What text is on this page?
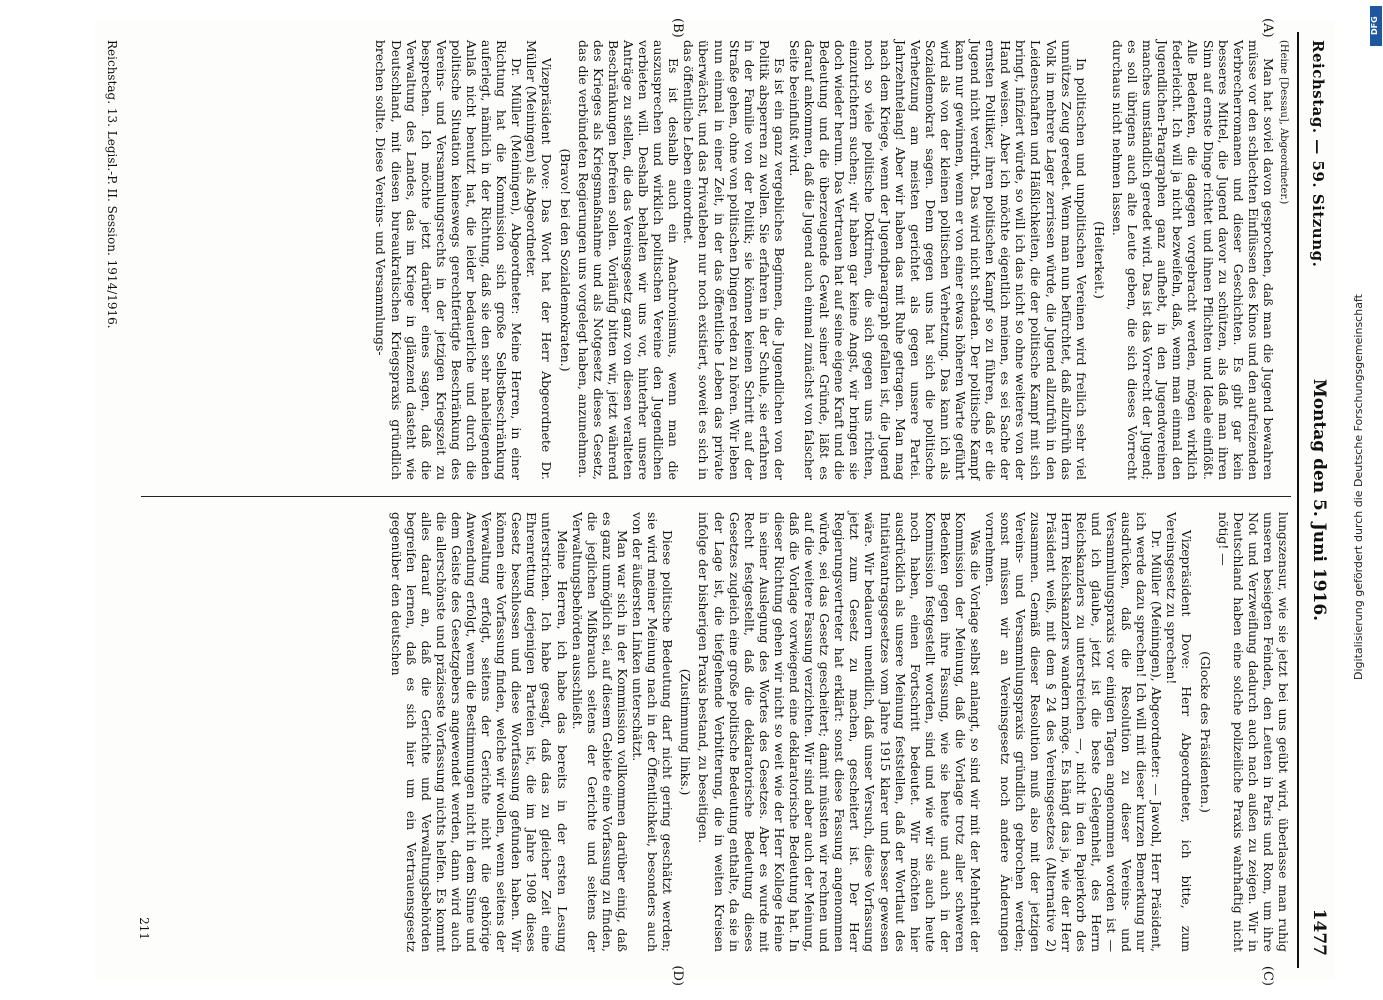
Reichstag. — 59. Sitzung.
Montag den 5. Juni 1916.
1477
(A)
(B)
(C)
(D)

(Heine [Dessau], Abgeordneter.)

Man hat soviel davon gesprochen, daß man die Jugend bewahren müsse vor den schlechten Einflüssen des Kinos und den aufreizenden Verbrecherromanen und dieser Geschichten. Es gibt gar kein besseres Mittel, die Jugend davor zu schützen, als daß man ihren Sinn auf ernste Dinge richtet und ihnen Pflichten und Ideale einflößt. Alle Bedenken, die dagegen vorgebracht werden, mögen wirklich federleicht. Ich will ja nicht bezweifeln, daß, wenn man einmal den Jugendlichen-Paragraphen ganz aufhebt, in den Jugendvereinen manches umständlich geredet wird. Das ist das Vorrecht der Jugend; es soll übrigens auch alte Leute geben, die sich dieses Vorrecht durchaus nicht nehmen lassen.

(Heiterkeit.)

In politischen und unpolitischen Vereinen wird freilich sehr viel unnützes Zeug geredet. Wenn man nun befürchtet, daß allzufrüh das Volk in mehrere Lager zerrissen würde, die Jugend allzufrüh in den Leidenschaften und Häßlichkeiten, die der politische Kampf mit sich bringt, infiziert würde, so will ich das nicht so ohne weiteres von der Hand weisen. Aber ich möchte eigentlich meinen, es sei Sache der ernsten Politiker, ihren politischen Kampf so zu führen, daß er die Jugend nicht verdirbt. Das wird nicht schaden. Der politische Kampf kann nur gewinnen, wenn er von einer etwas höheren Warte geführt wird als von der kleinen politischen Verhetzung. Das kann ich als Sozialdemokrat sagen. Denn gegen uns hat sich die politische Verhetzung am meisten gerichtet als gegen unsere Partei. Jahrzehntelang! Aber wir haben das mit Ruhe getragen. Man mag nach dem Kriege, wenn der Jugendparagraph gefallen ist, die Jugend noch so viele politische Doktrinen, die sich gegen uns richten, einzutrichtern suchen; wir haben gar keine Angst, wir bringen sie doch wieder herum. Das Vertrauen hat auf seine eigene Kraft und die Bedeutung und die überzeugende Gewalt seiner Gründe, läßt es darauf ankommen, daß die Jugend auch einmal zunächst von falscher Seite beeinflußt wird.

Es ist ein ganz vergebliches Beginnen, die Jugendlichen von der Politik absperren zu wollen. Sie erfahren in der Schule, sie erfahren in der Familie von der Politik; sie können keinen Schritt auf der Straße gehen, ohne von politischen Dingen reden zu hören. Wir leben nun einmal in einer Zeit, in der das öffentliche Leben das private überwächst, und das Privatleben nur noch existiert, soweit es sich in das öffentliche Leben einordnet.

Es ist deshalb auch ein Anachronismus, wenn man die auszusprechen und wirklich politischen Vereine den Jugendlichen verbieten will. Deshalb behalten wir uns vor, hinterher unsere Anträge zu stellen, die das Vereinsgesetz ganz von diesen veralteten Beschränkungen befreien sollen. Vorläufig bitten wir, jetzt während des Krieges als Kriegsmaßnahme und als Notgesetz dieses Gesetz, das die verbündeten Regierungen uns vorgelegt haben, anzunehmen.

(Bravo! bei den Sozialdemokraten.)

Vizepräsident Dove: Das Wort hat der Herr Abgeordnete Dr. Müller (Meiningen) als Abgeordneter.

Dr. Müller (Meiningen), Abgeordneter: Meine Herren, in einer Richtung hat die Kommission sich große Selbstbeschränkung auferlegt, nämlich in der Richtung, daß sie den sehr naheliegenden Anlaß nicht benutzt hat, die leider bedauerliche und durch die politische Situation keineswegs gerechtfertigte Beschränkung des Vereins- und Versammlungsrechts in der jetzigen Kriegszeit zu besprechen. Ich möchte jetzt darüber eines sagen, daß die Verwaltung des Landes, das im Kriege in glänzend dasteht wie Deutschland, mit diesen bureaukratischen Kriegspraxis gründlich brechen sollte. Diese Vereins- und Versammlungs-

lungszensur, wie sie jetzt bei uns geübt wird, überlasse man ruhig unseren besiegten Feinden, den Leuten in Paris und Rom, um ihre Not und Verzweiflung dadurch auch nach außen zu zeigen. Wir in Deutschland haben eine solche polizeiliche Praxis wahrhaftig nicht nötig! —

(Glocke des Präsidenten.)

Vizepräsident Dove: Herr Abgeordneter, ich bitte, zum Vereinsgesetz zu sprechen!

Dr. Müller (Meiningen), Abgeordneter: — Jawohl, Herr Präsident, ich werde dazu sprechen! Ich will mit dieser kurzen Bemerkung nur ausdrücken, daß die Resolution zu dieser Vereins- und Versammlungspraxis vor einigen Tagen angenommen worden ist — und ich glaube, jetzt ist die beste Gelegenheit, des Herrn Reichskanzlers zu unterstreichen —, nicht in den Papierkorb des Herrn Reichskanzlers wandern möge. Es hängt das ja, wie der Herr Präsident weiß, mit dem § 24 des Vereinsgesetzes (Alternative 2) zusammen. Gemäß dieser Resolution muß also mit der jetzigen Vereins- und Versammlungspraxis gründlich gebrochen werden; sonst müssen wir an Vereinsgesetz noch andere Änderungen vornehmen.

Was die Vorlage selbst anlangt, so sind wir mit der Mehrheit der Kommission der Meinung, daß die Vorlage trotz aller schweren Bedenken gegen ihre Fassung, wie sie heute und auch in der Kommission festgestellt worden, sind und wie wir sie auch heute noch haben, einen Fortschritt bedeutet. Wir möchten hier ausdrücklich als unsere Meinung feststellen, daß der Wortlaut des Initiativantragsgesetzes vom Jahre 1915 klarer und besser gewesen wäre. Wir bedauern unendlich, daß unser Versuch, diese Vorfassung jetzt zum Gesetz zu machen, gescheitert ist. Der Herr Regierungsvertreter hat erklärt: sonst diese Fassung angenommen würde, sei das Gesetz gescheitert; damit müssten wir rechnen und auf die weitere Fassung verzichten. Wir sind aber auch der Meinung, daß die Vorlage vorwiegend eine deklaratorische Bedeutung hat. In dieser Richtung gehen wir nicht so weit wie der Herr Kollege Heine in seiner Auslegung des Wortes des Gesetzes. Aber es wurde mit Recht festgestellt, daß die deklaratorische Bedeutung dieses Gesetzes zugleich eine große politische Bedeutung enthalte, da sie in der Lage ist, die tiefgehende Verbitterung, die in weiten Kreisen infolge der bisherigen Praxis bestand, zu beseitigen.

(Zustimmung links.)

Diese politische Bedeutung darf nicht gering geschätzt werden; sie wird meiner Meinung nach in der Öffentlichkeit, besonders auch von der äußersten Linken unterschätzt.

Man war sich in der Kommission vollkommen darüber einig, daß es ganz unmöglich sei, auf diesem Gebiete eine Vorfassung zu finden, die jeglichen Mißbrauch seitens der Gerichte und seitens der Verwaltungsbehörden ausschließt.

Meine Herren, ich habe das bereits in der ersten Lesung unterstrichen. Ich habe gesagt, daß das zu gleicher Zeit eine Ehrenrettung derjenigen Parteien ist, die im Jahre 1908 dieses Gesetz beschlossen und diese Wortfassung gefunden haben. Wir können eine Vorfassung finden, welche wir wollen, wenn seitens der Verwaltung erfolgt, seitens der Gerichte nicht die gehörige Anwendung erfolgt, wenn die Bestimmungen nicht in dem Sinne und dem Geiste des Gesetzgebers angewendet werden, dann wird auch die allerschönste und präziseste Vorfassung nichts helfen. Es kommt alles darauf an, daß die Gerichte und Verwaltungsbehörden begreifen lernen, daß es sich hier um ein Vertrauensgesetz gegenüber den deutschen

Reichstag. 13. Legisl.-P. II. Session. 1914/1916.
211
Digitalisierung gefördert durch die Deutsche Forschungsgemeinschaft
DFG
